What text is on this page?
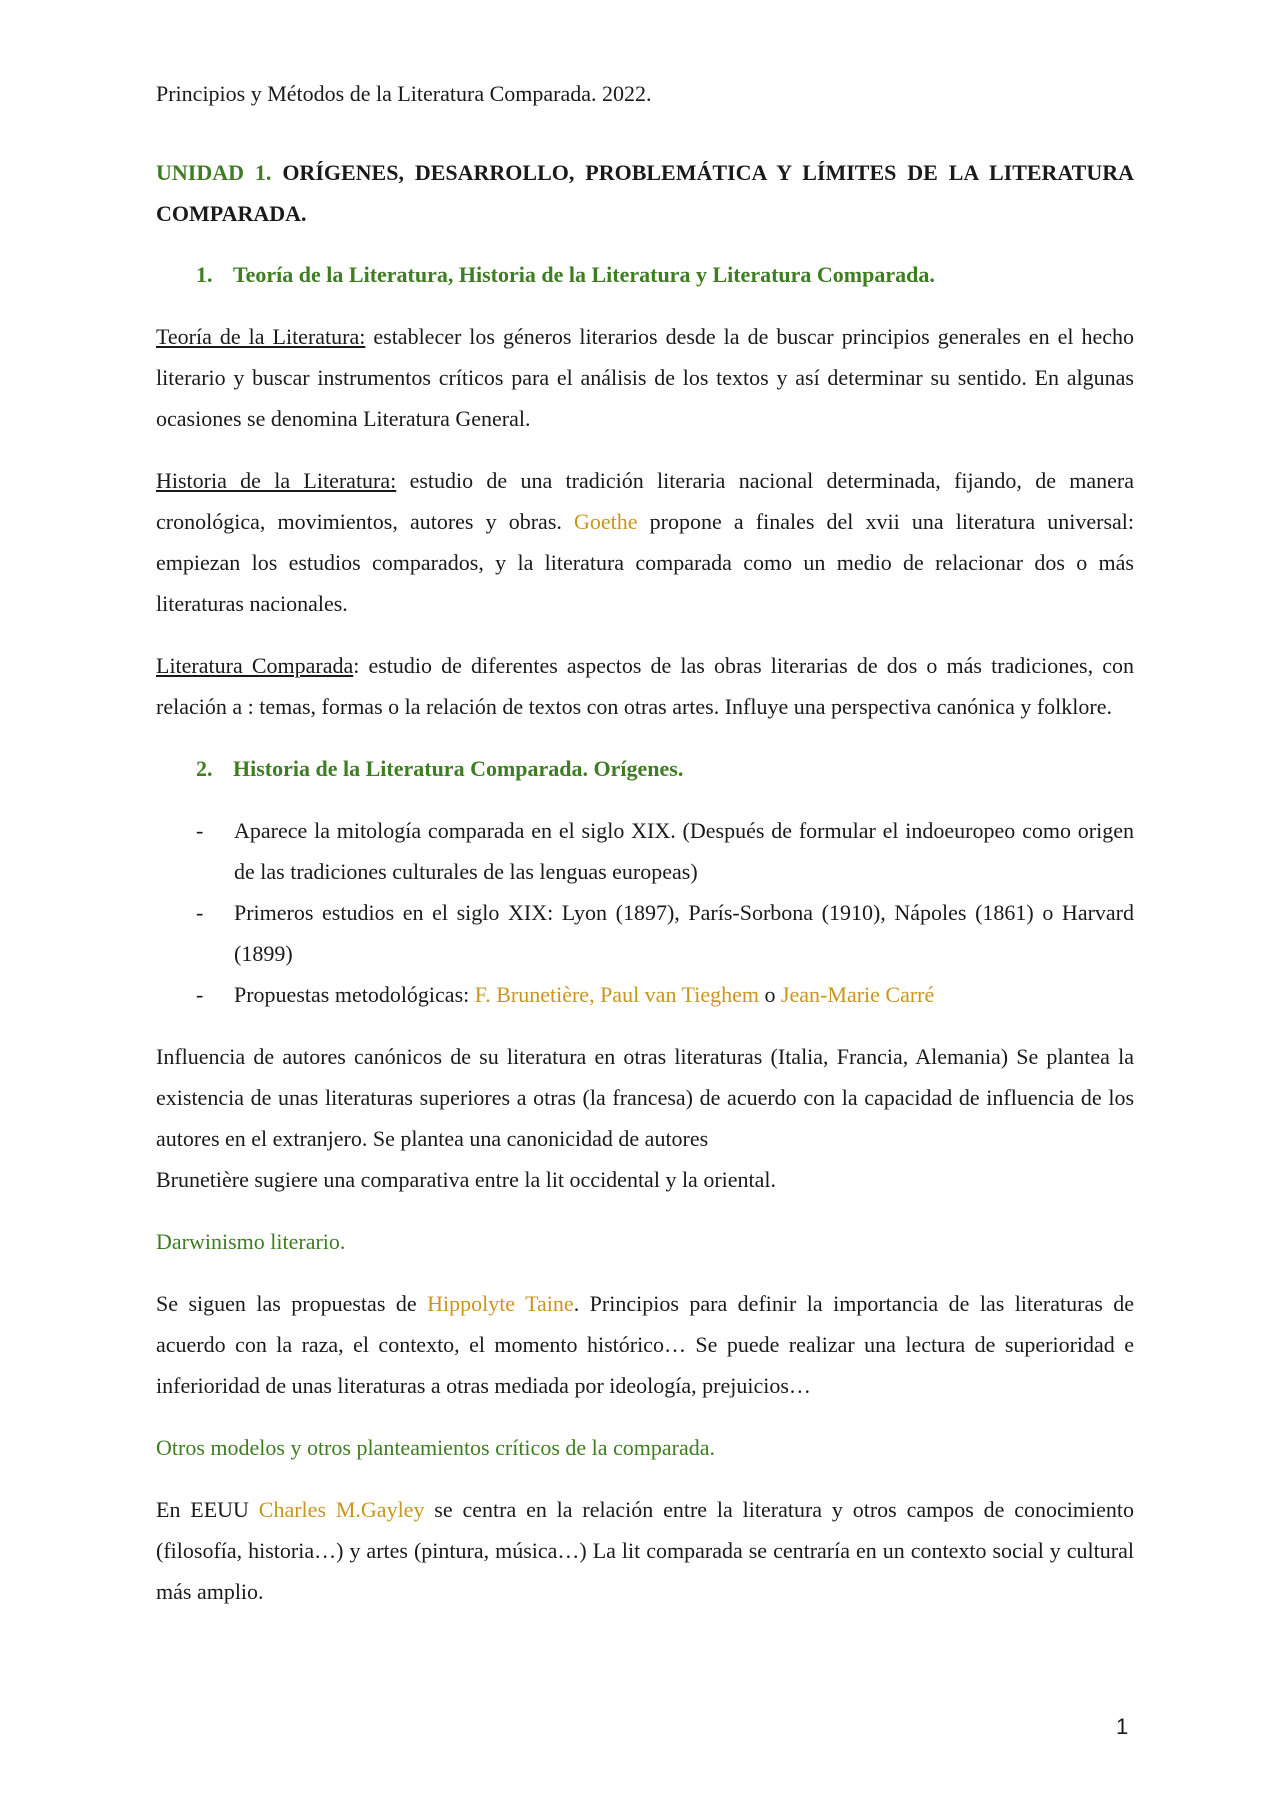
Principios y Métodos de la Literatura Comparada. 2022.

UNIDAD 1. ORÍGENES, DESARROLLO, PROBLEMÁTICA Y LÍMITES DE LA LITERATURA COMPARADA.

1. Teoría de la Literatura, Historia de la Literatura y Literatura Comparada.

Teoría de la Literatura: establecer los géneros literarios desde la de buscar principios generales en el hecho literario y buscar instrumentos críticos para el análisis de los textos y así determinar su sentido. En algunas ocasiones se denomina Literatura General.

Historia de la Literatura: estudio de una tradición literaria nacional determinada, fijando, de manera cronológica, movimientos, autores y obras. Goethe propone a finales del xvii una literatura universal: empiezan los estudios comparados, y la literatura comparada como un medio de relacionar dos o más literaturas nacionales.

Literatura Comparada: estudio de diferentes aspectos de las obras literarias de dos o más tradiciones, con relación a : temas, formas o la relación de textos con otras artes. Influye una perspectiva canónica y folklore.

2. Historia de la Literatura Comparada. Orígenes.
- Aparece la mitología comparada en el siglo XIX. (Después de formular el indoeuropeo como origen de las tradiciones culturales de las lenguas europeas)
- Primeros estudios en el siglo XIX: Lyon (1897), París-Sorbona (1910), Nápoles (1861) o Harvard (1899)
- Propuestas metodológicas: F. Brunetière, Paul van Tieghem o Jean-Marie Carré

Influencia de autores canónicos de su literatura en otras literaturas (Italia, Francia, Alemania) Se plantea la existencia de unas literaturas superiores a otras (la francesa) de acuerdo con la capacidad de influencia de los autores en el extranjero. Se plantea una canonicidad de autores

Brunetière sugiere una comparativa entre la lit occidental y la oriental.

Darwinismo literario.

Se siguen las propuestas de Hippolyte Taine. Principios para definir la importancia de las literaturas de acuerdo con la raza, el contexto, el momento histórico… Se puede realizar una lectura de superioridad e inferioridad de unas literaturas a otras mediada por ideología, prejuicios…

Otros modelos y otros planteamientos críticos de la comparada.

En EEUU Charles M.Gayley se centra en la relación entre la literatura y otros campos de conocimiento (filosofía, historia…) y artes (pintura, música…) La lit comparada se centraría en un contexto social y cultural más amplio.

1
